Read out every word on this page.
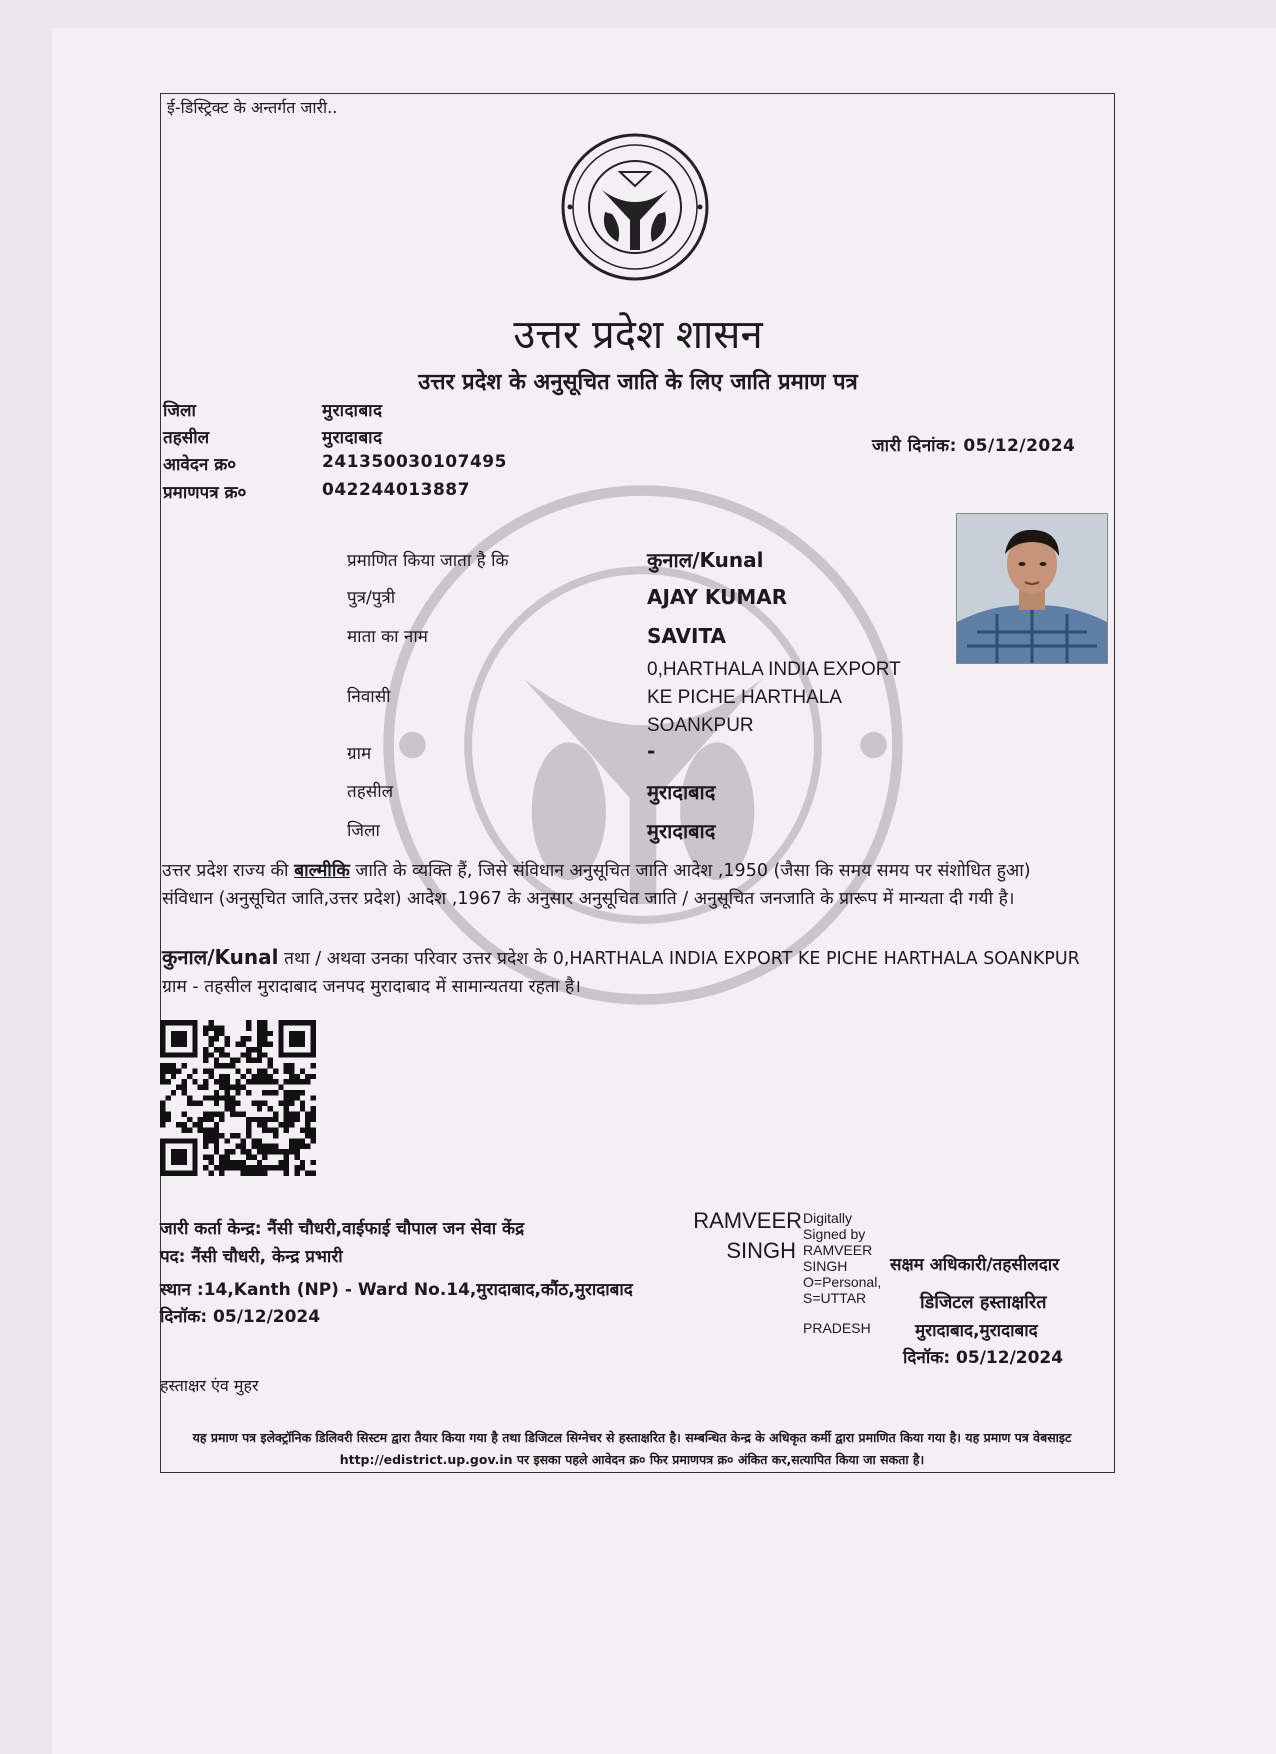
ई-डिस्ट्रिक्ट के अन्तर्गत जारी..
उत्तर प्रदेश शासन
उत्तर प्रदेश के अनुसूचित जाति के लिए जाति प्रमाण पत्र
जिला	मुरादाबाद
तहसील	मुरादाबाद
आवेदन क्र०	241350030107495
प्रमाणपत्र क्र०	042244013887
जारी दिनांक: 05/12/2024
प्रमाणित किया जाता है कि	कुनाल/Kunal
पुत्र/पुत्री	AJAY KUMAR
माता का नाम	SAVITA
निवासी
0,HARTHALA INDIA EXPORT
KE PICHE HARTHALA
SOANKPUR
ग्राम	-
तहसील	मुरादाबाद
जिला	मुरादाबाद
उत्तर प्रदेश राज्य की बाल्मीकि जाति के व्यक्ति हैं, जिसे संविधान अनुसूचित जाति आदेश ,1950 (जैसा कि समय समय पर संशोधित हुआ) संविधान (अनुसूचित जाति,उत्तर प्रदेश) आदेश ,1967 के अनुसार अनुसूचित जाति / अनुसूचित जनजाति के प्रारूप में मान्यता दी गयी है।
कुनाल/Kunal तथा / अथवा उनका परिवार उत्तर प्रदेश के 0,HARTHALA INDIA EXPORT KE PICHE HARTHALA SOANKPUR ग्राम - तहसील मुरादाबाद जनपद मुरादाबाद में सामान्यतया रहता है।
जारी कर्ता केन्द्र: नैंसी चौधरी,वाईफाई चौपाल जन सेवा केंद्र
पद: नैंसी चौधरी, केन्द्र प्रभारी
स्थान :14,Kanth (NP) - Ward No.14,मुरादाबाद,कौंठ,मुरादाबाद
दिनॉक: 05/12/2024
हस्ताक्षर एंव मुहर
RAMVEER
SINGH
Digitally
Signed by
RAMVEER
SINGH
O=Personal,
S=UTTAR
PRADESH
सक्षम अधिकारी/तहसीलदार
डिजिटल हस्ताक्षरित
मुरादाबाद,मुरादाबाद
दिनॉक: 05/12/2024
यह प्रमाण पत्र इलेक्ट्रॉनिक डिलिवरी सिस्टम द्वारा तैयार किया गया है तथा डिजिटल सिग्नेचर से हस्ताक्षरित है। सम्बन्धित केन्द्र के अधिकृत कर्मी द्वारा प्रमाणित किया गया है। यह प्रमाण पत्र वेबसाइट http://edistrict.up.gov.in पर इसका पहले आवेदन क्र० फिर प्रमाणपत्र क्र० अंकित कर,सत्यापित किया जा सकता है।
